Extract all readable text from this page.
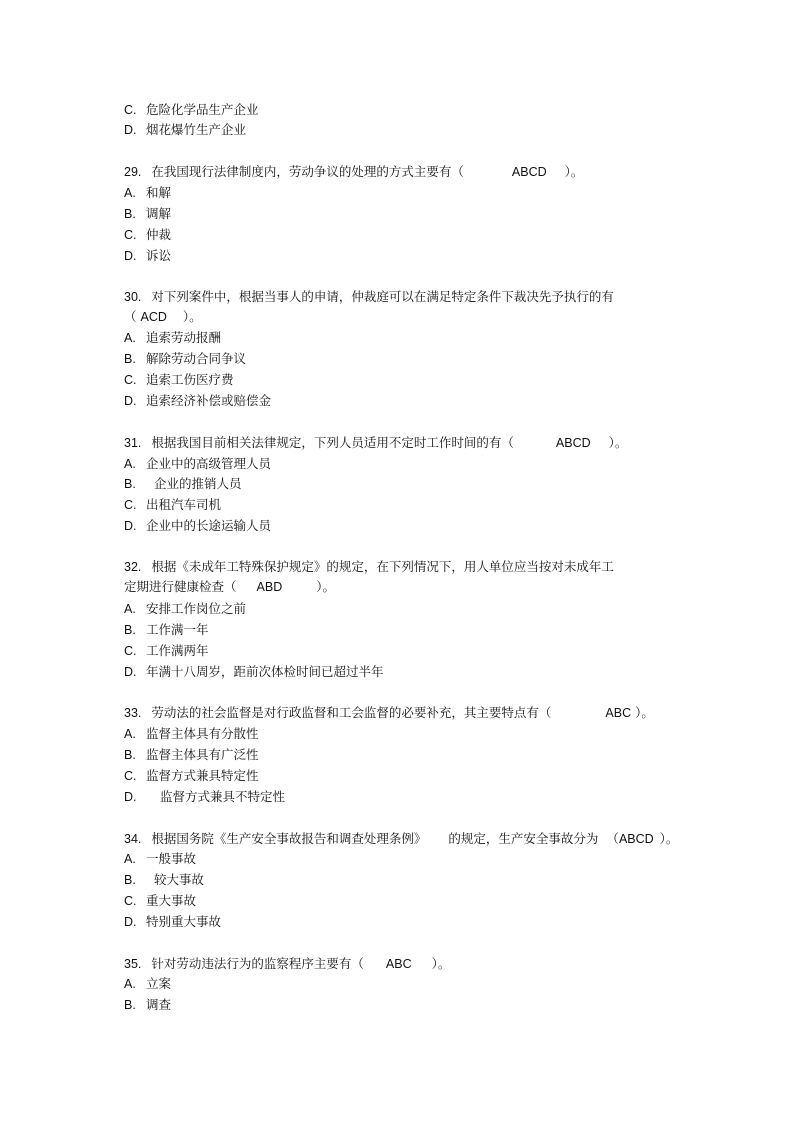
C. 危险化学品生产企业
D. 烟花爆竹生产企业
29. 在我国现行法律制度内，劳动争议的处理的方式主要有（	ABCD ）。
A. 和解
B. 调解
C. 仲裁
D. 诉讼
30. 对下列案件中，根据当事人的申请，仲裁庭可以在满足特定条件下裁决先予执行的有
（ ACD ）。
A. 追索劳动报酬
B. 解除劳动合同争议
C. 追索工伤医疗费
D. 追索经济补偿或赔偿金
31. 根据我国目前相关法律规定，下列人员适用不定时工作时间的有（	ABCD ）。
A. 企业中的高级管理人员
B. 企业的推销人员
C. 出租汽车司机
D. 企业中的长途运输人员
32. 根据《未成年工特殊保护规定》的规定，在下列情况下，用人单位应当按对未成年工
定期进行健康检查（ ABD	）。
A. 安排工作岗位之前
B. 工作满一年
C. 工作满两年
D. 年满十八周岁，距前次体检时间已超过半年
33. 劳动法的社会监督是对行政监督和工会监督的必要补充，其主要特点有（	ABC ）。
A. 监督主体具有分散性
B. 监督主体具有广泛性
C. 监督方式兼具特定性
D. 监督方式兼具不特定性
34. 根据国务院《生产安全事故报告和调查处理条例》 的规定，生产安全事故分为 （ABCD ）。
A. 一般事故
B. 较大事故
C. 重大事故
D. 特别重大事故
35. 针对劳动违法行为的监察程序主要有（ ABC ）。
A. 立案
B. 调查
